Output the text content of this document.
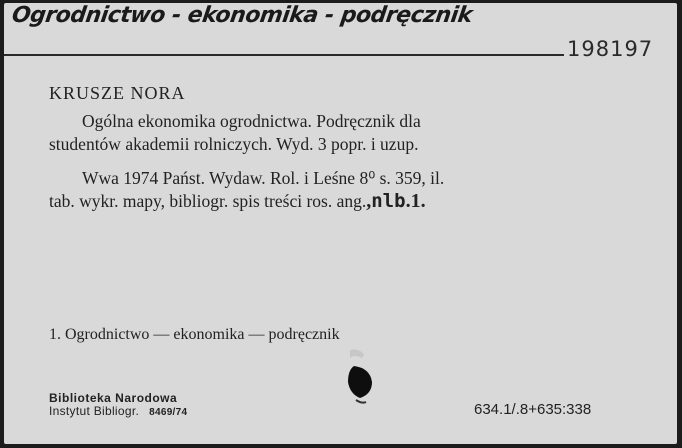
Ogrodnictwo - ekonomika - podręcznik
198197
KRUSZE NORA
Ogólna ekonomika ogrodnictwa. Podręcznik dla
studentów akademii rolniczych. Wyd. 3 popr. i uzup.
Wwa 1974 Państ. Wydaw. Rol. i Leśne 8⁰ s. 359, il.
tab. wykr. mapy, bibliogr. spis treści ros. ang.,nlb.1.
1. Ogrodnictwo — ekonomika — podręcznik
Biblioteka Narodowa
Instytut Bibliogr. 8469/74	634.1/.8+635:338
